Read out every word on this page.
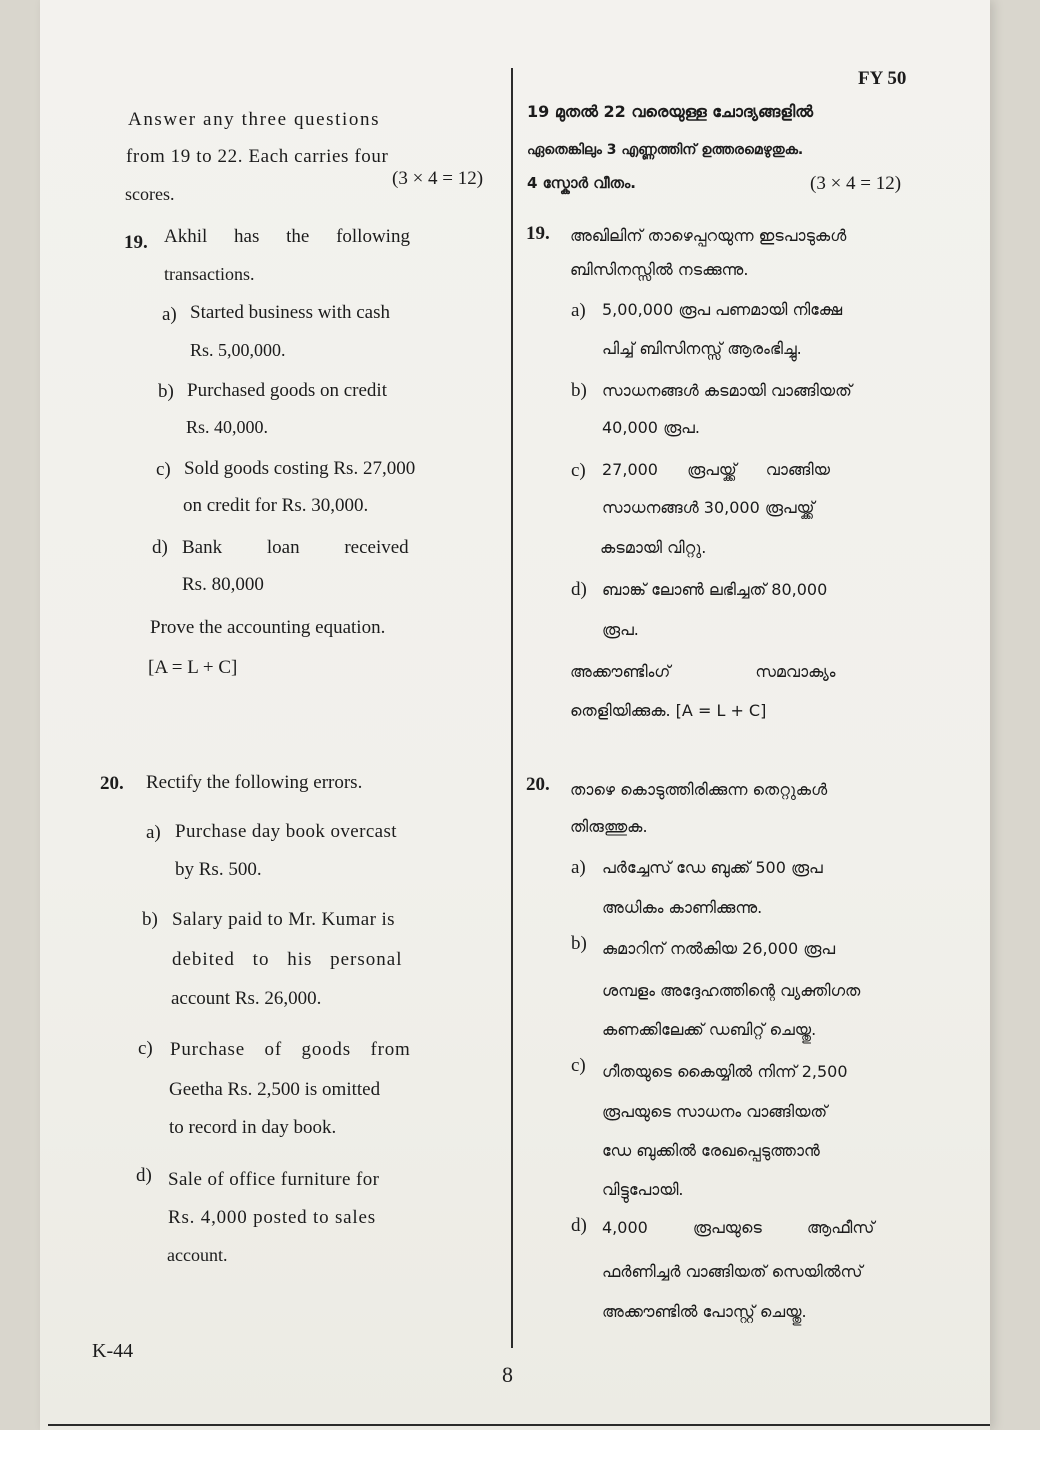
FY 50
Answer any three questions
from 19 to 22. Each carries four
scores.
(3 × 4 = 12)
19. Akhil has the following
transactions.
a) Started business with cash
Rs. 5,00,000.
b) Purchased goods on credit
Rs. 40,000.
c) Sold goods costing Rs. 27,000
on credit for Rs. 30,000.
d) Bank loan received
Rs. 80,000
Prove the accounting equation.
[A = L + C]
20. Rectify the following errors.
a) Purchase day book overcast
by Rs. 500.
b) Salary paid to Mr. Kumar is
debited to his personal
account Rs. 26,000.
c) Purchase of goods from
Geetha Rs. 2,500 is omitted
to record in day book.
d) Sale of office furniture for
Rs. 4,000 posted to sales
account.
19 മുതൽ 22 വരെയുള്ള ചോദ്യങ്ങളിൽ
ഏതെങ്കിലും 3 എണ്ണത്തിന് ഉത്തരമെഴുതുക.
4 സ്കോർ വീതം.	(3 × 4 = 12)
19. അഖിലിന് താഴെപ്പറയുന്ന ഇടപാടുകൾ
ബിസിനസ്സിൽ നടക്കുന്നു.
a) 5,00,000 രൂപ പണമായി നിക്ഷേ
പിച്ച് ബിസിനസ്സ് ആരംഭിച്ചു.
b) സാധനങ്ങൾ കടമായി വാങ്ങിയത്
40,000 രൂപ.
c) 27,000 രൂപയ്ക്ക് വാങ്ങിയ
സാധനങ്ങൾ 30,000 രൂപയ്ക്ക്
കടമായി വിറ്റു.
d) ബാങ്ക് ലോൺ ലഭിച്ചത് 80,000
രൂപ.
അക്കൗണ്ടിംഗ് സമവാക്യം
തെളിയിക്കുക. [A = L + C]
20. താഴെ കൊടുത്തിരിക്കുന്ന തെറ്റുകൾ
തിരുത്തുക.
a) പർച്ചേസ് ഡേ ബുക്ക് 500 രൂപ
അധികം കാണിക്കുന്നു.
b) കുമാറിന് നൽകിയ 26,000 രൂപ
ശമ്പളം അദ്ദേഹത്തിന്റെ വ്യക്തിഗത
കണക്കിലേക്ക് ഡബിറ്റ് ചെയ്തു.
c) ഗീതയുടെ കൈയ്യിൽ നിന്ന് 2,500
രൂപയുടെ സാധനം വാങ്ങിയത്
ഡേ ബുക്കിൽ രേഖപ്പെടുത്താൻ
വിട്ടുപോയി.
d) 4,000 രൂപയുടെ ആഫീസ്
ഫർണിച്ചർ വാങ്ങിയത് സെയിൽസ്
അക്കൗണ്ടിൽ പോസ്റ്റ് ചെയ്തു.
K-44
8
